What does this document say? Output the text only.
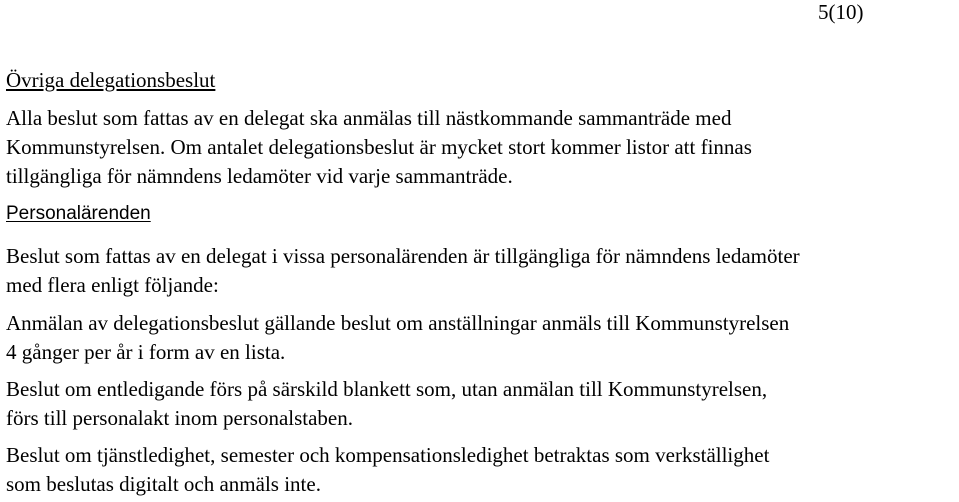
5(10)
Övriga delegationsbeslut

Alla beslut som fattas av en delegat ska anmälas till nästkommande sammanträde med
Kommunstyrelsen. Om antalet delegationsbeslut är mycket stort kommer listor att finnas
tillgängliga för nämndens ledamöter vid varje sammanträde.

Personalärenden

Beslut som fattas av en delegat i vissa personalärenden är tillgängliga för nämndens ledamöter
med flera enligt följande:

Anmälan av delegationsbeslut gällande beslut om anställningar anmäls till Kommunstyrelsen
4 gånger per år i form av en lista.

Beslut om entledigande förs på särskild blankett som, utan anmälan till Kommunstyrelsen,
förs till personalakt inom personalstaben.

Beslut om tjänstledighet, semester och kompensationsledighet betraktas som verkställighet
som beslutas digitalt och anmäls inte.
